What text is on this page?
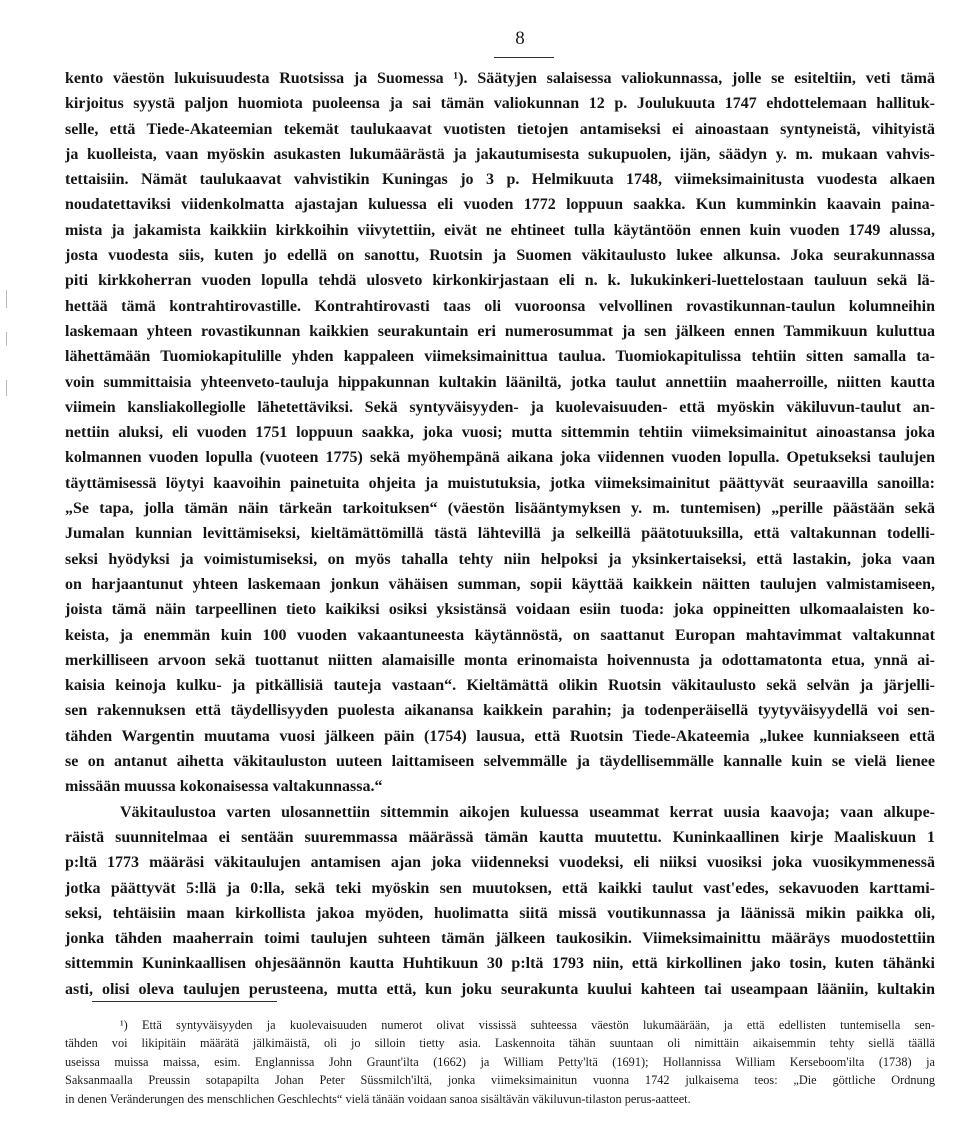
8
kento väestön lukuisuudesta Ruotsissa ja Suomessa ¹). Säätyjen salaisessa valiokunnassa, jolle se esiteltiin, veti tämä
kirjoitus syystä paljon huomiota puoleensa ja sai tämän valiokunnan 12 p. Joulukuuta 1747 ehdottelemaan hallituk-
selle, että Tiede-Akateemian tekemät taulukaavat vuotisten tietojen antamiseksi ei ainoastaan syntyneistä, vihityistä
ja kuolleista, vaan myöskin asukasten lukumäärästä ja jakautumisesta sukupuolen, ijän, säädyn y. m. mukaan vahvis-
tettaisiin. Nämät taulukaavat vahvistikin Kuningas jo 3 p. Helmikuuta 1748, viimeksimainitusta vuodesta alkaen
noudatettaviksi viidenkolmatta ajastajan kuluessa eli vuoden 1772 loppuun saakka. Kun kumminkin kaavain paina-
mista ja jakamista kaikkiin kirkkoihin viivytettiin, eivät ne ehtineet tulla käytäntöön ennen kuin vuoden 1749 alussa,
josta vuodesta siis, kuten jo edellä on sanottu, Ruotsin ja Suomen väkitaulusto lukee alkunsa. Joka seurakunnassa
piti kirkkoherran vuoden lopulla tehdä ulosveto kirkonkirjastaan eli n. k. lukukinkeri-luettelostaan tauluun sekä lä-
hettää tämä kontrahtirovastille. Kontrahtirovasti taas oli vuoroonsa velvollinen rovastikunnan-taulun kolumneihin
laskemaan yhteen rovastikunnan kaikkien seurakuntain eri numerosummat ja sen jälkeen ennen Tammikuun kuluttua
lähettämään Tuomiokapitulille yhden kappaleen viimeksimainittua taulua. Tuomiokapitulissa tehtiin sitten samalla ta-
voin summittaisia yhteenveto-tauluja hippakunnan kultakin lääniltä, jotka taulut annettiin maaherroille, niitten kautta
viimein kansliakollegiolle lähetettäviksi. Sekä syntyväisyyden- ja kuolevaisuuden- että myöskin väkiluvun-taulut an-
nettiin aluksi, eli vuoden 1751 loppuun saakka, joka vuosi; mutta sittemmin tehtiin viimeksimainitut ainoastansa joka
kolmannen vuoden lopulla (vuoteen 1775) sekä myöhempänä aikana joka viidennen vuoden lopulla. Opetukseksi taulujen
täyttämisessä löytyi kaavoihin painetuita ohjeita ja muistutuksia, jotka viimeksimainitut päättyvät seuraavilla sanoilla:
„Se tapa, jolla tämän näin tärkeän tarkoituksen“ (väestön lisääntymyksen y. m. tuntemisen) „perille päästään sekä
Jumalan kunnian levittämiseksi, kieltämättömillä tästä lähtevillä ja selkeillä päätotuuksilla, että valtakunnan todelli-
seksi hyödyksi ja voimistumiseksi, on myös tahalla tehty niin helpoksi ja yksinkertaiseksi, että lastakin, joka vaan
on harjaantunut yhteen laskemaan jonkun vähäisen summan, sopii käyttää kaikkein näitten taulujen valmistamiseen,
joista tämä näin tarpeellinen tieto kaikiksi osiksi yksistänsä voidaan esiin tuoda: joka oppineitten ulkomaalaisten ko-
keista, ja enemmän kuin 100 vuoden vakaantuneesta käytännöstä, on saattanut Europan mahtavimmat valtakunnat
merkilliseen arvoon sekä tuottanut niitten alamaisille monta erinomaista hoivennusta ja odottamatonta etua, ynnä ai-
kaisia keinoja kulku- ja pitkällisiä tauteja vastaan“. Kieltämättä olikin Ruotsin väkitaulusto sekä selvän ja järjelli-
sen rakennuksen että täydellisyyden puolesta aikanansa kaikkein parahin; ja todenperäisellä tyytyväisyydellä voi sen-
tähden Wargentin muutama vuosi jälkeen päin (1754) lausua, että Ruotsin Tiede-Akateemia „lukee kunniakseen että
se on antanut aihetta väkitauluston uuteen laittamiseen selvemmälle ja täydellisemmälle kannalle kuin se vielä lienee
missään muussa kokonaisessa valtakunnassa.“
Väkitaulustoa varten ulosannettiin sittemmin aikojen kuluessa useammat kerrat uusia kaavoja; vaan alkupe-
räistä suunnitelmaa ei sentään suuremmassa määrässä tämän kautta muutettu. Kuninkaallinen kirje Maaliskuun 1
p:ltä 1773 määräsi väkitaulujen antamisen ajan joka viidenneksi vuodeksi, eli niiksi vuosiksi joka vuosikymmenessä
jotka päättyvät 5:llä ja 0:lla, sekä teki myöskin sen muutoksen, että kaikki taulut vast'edes, sekavuoden karttami-
seksi, tehtäisiin maan kirkollista jakoa myöden, huolimatta siitä missä voutikunnassa ja läänissä mikin paikka oli,
jonka tähden maaherrain toimi taulujen suhteen tämän jälkeen taukosikin. Viimeksimainittu määräys muodostettiin
sittemmin Kuninkaallisen ohjesäännön kautta Huhtikuun 30 p:ltä 1793 niin, että kirkollinen jako tosin, kuten tähänki
asti, olisi oleva taulujen perusteena, mutta että, kun joku seurakunta kuului kahteen tai useampaan lääniin, kultakin
¹) Että syntyväisyyden ja kuolevaisuuden numerot olivat vississä suhteessa väestön lukumäärään, ja että edellisten tuntemisella sen-
tähden voi likipitäin määrätä jälkimäistä, oli jo silloin tietty asia. Laskennoita tähän suuntaan oli nimittäin aikaisemmin tehty siellä täällä
useissa muissa maissa, esim. Englannissa John Graunt'ilta (1662) ja William Petty'ltä (1691); Hollannissa William Kerseboom'ilta (1738) ja
Saksanmaalla Preussin sotapapilta Johan Peter Süssmilch'iltä, jonka viimeksimainitun vuonna 1742 julkaisema teos: „Die göttliche Ordnung
in denen Veränderungen des menschlichen Geschlechts“ vielä tänään voidaan sanoa sisältävän väkiluvun-tilaston perus-aatteet.
